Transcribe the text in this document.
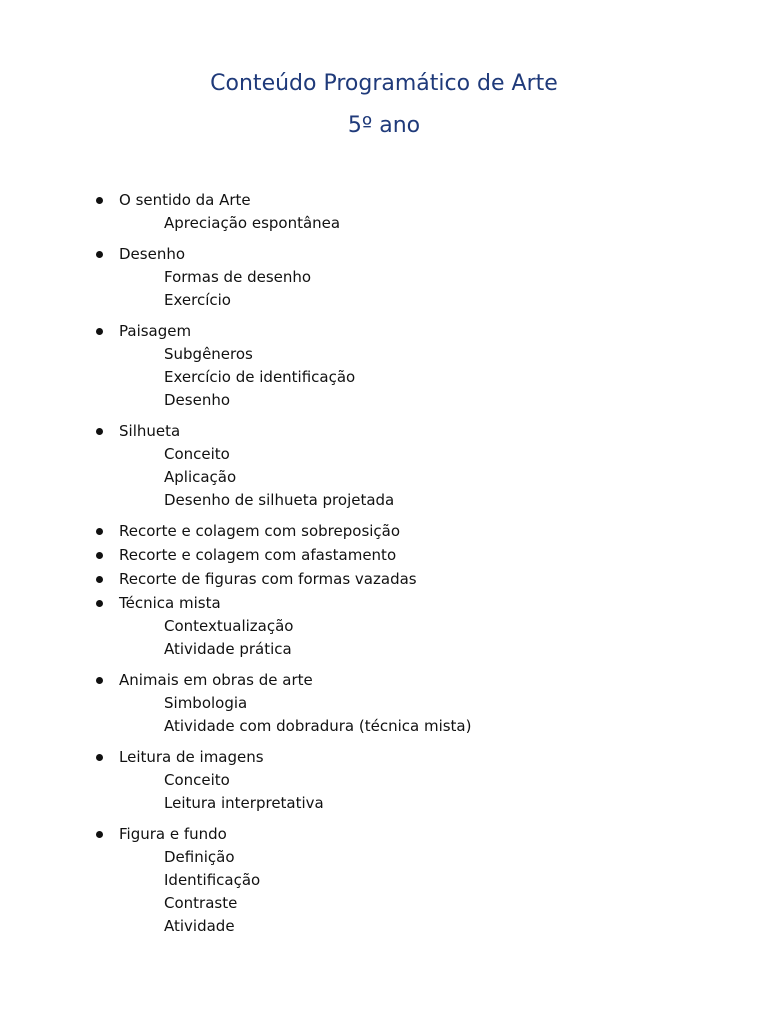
Conteúdo Programático de Arte
5º ano
O sentido da Arte
Apreciação espontânea
Desenho
Formas de desenho
Exercício
Paisagem
Subgêneros
Exercício de identificação
Desenho
Silhueta
Conceito
Aplicação
Desenho de silhueta projetada
Recorte e colagem com sobreposição
Recorte e colagem com afastamento
Recorte de figuras com formas vazadas
Técnica mista
Contextualização
Atividade prática
Animais em obras de arte
Simbologia
Atividade com dobradura (técnica mista)
Leitura de imagens
Conceito
Leitura interpretativa
Figura e fundo
Definição
Identificação
Contraste
Atividade
